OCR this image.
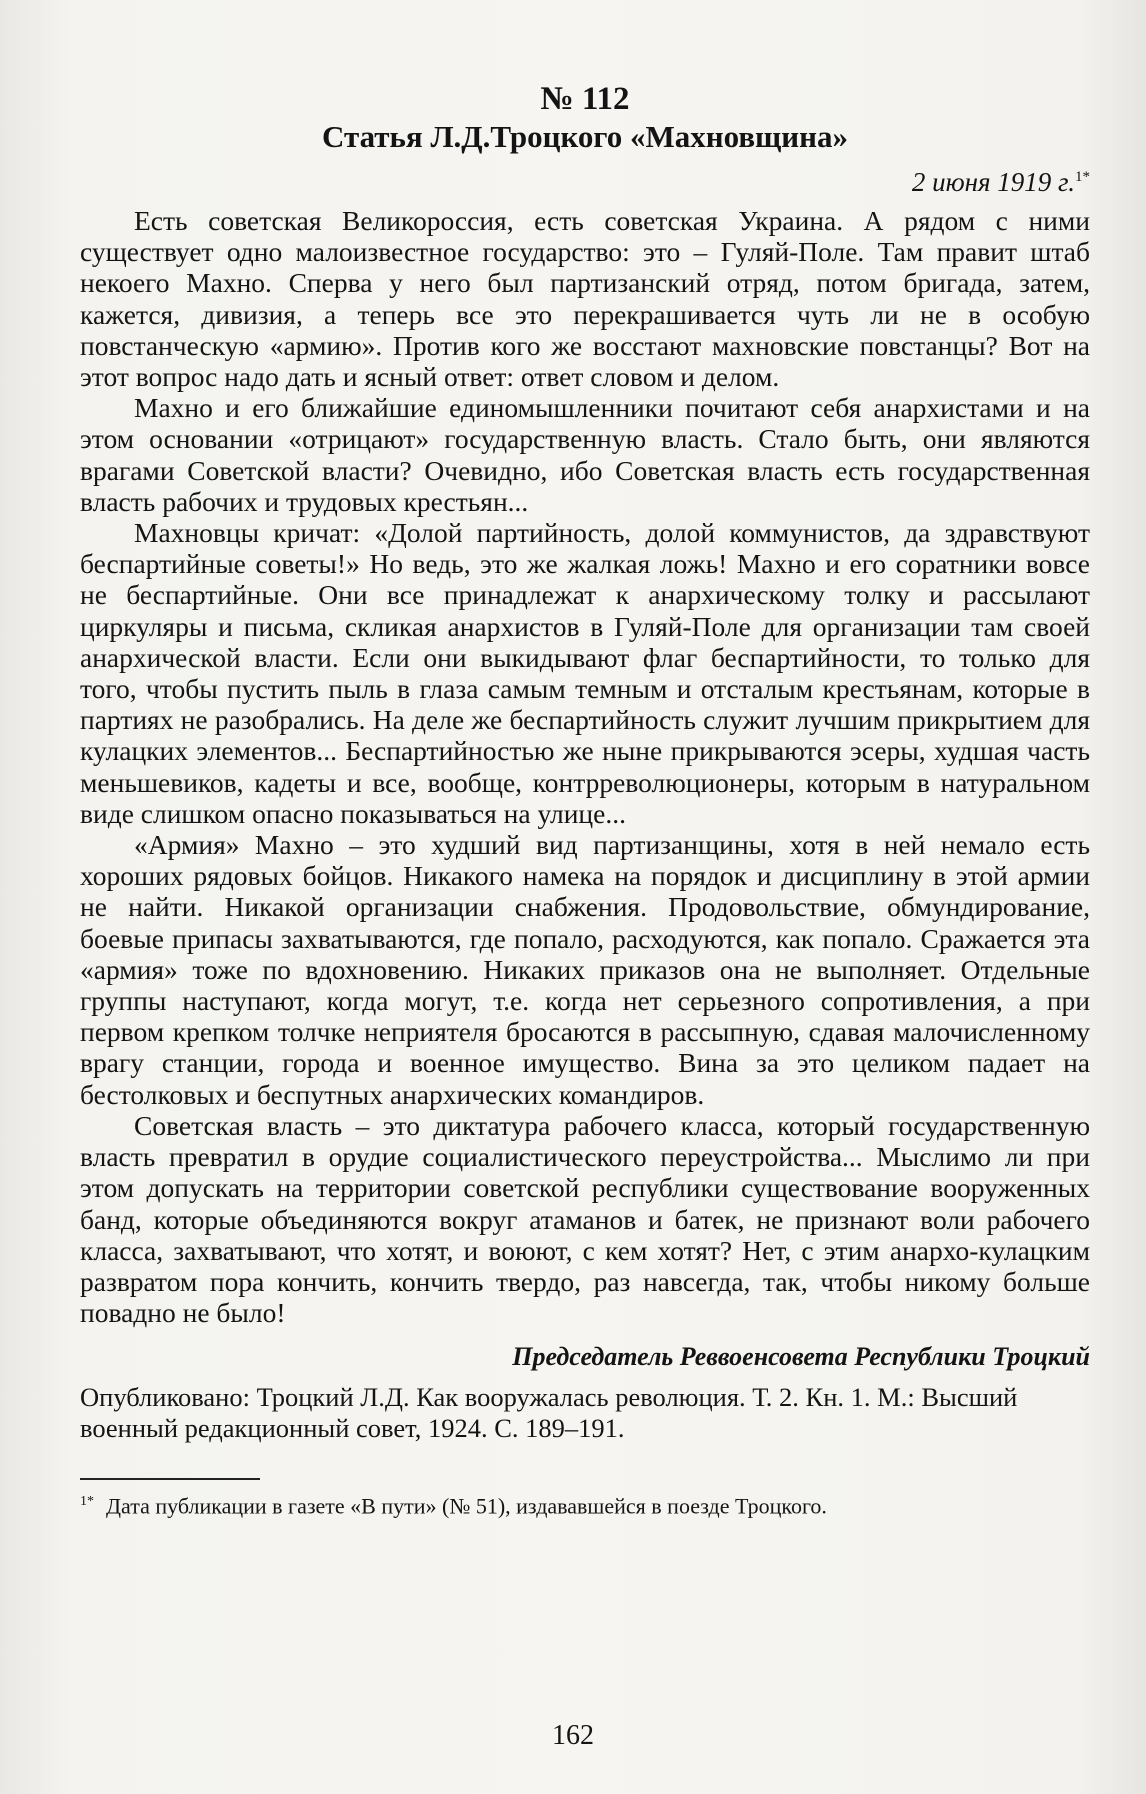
№ 112
Статья Л.Д.Троцкого «Махновщина»
2 июня 1919 г.$^{1*}$

Есть советская Великороссия, есть советская Украина. А рядом с ними существует одно малоизвестное государство: это – Гуляй-Поле. Там правит штаб некоего Махно. Сперва у него был партизанский отряд, потом бригада, затем, кажется, дивизия, а теперь все это перекрашивается чуть ли не в особую повстанческую «армию». Против кого же восстают махновские повстанцы? Вот на этот вопрос надо дать и ясный ответ: ответ словом и делом.

Махно и его ближайшие единомышленники почитают себя анархистами и на этом основании «отрицают» государственную власть. Стало быть, они являются врагами Советской власти? Очевидно, ибо Советская власть есть государственная власть рабочих и трудовых крестьян...

Махновцы кричат: «Долой партийность, долой коммунистов, да здравствуют беспартийные советы!» Но ведь, это же жалкая ложь! Махно и его соратники вовсе не беспартийные. Они все принадлежат к анархическому толку и рассылают циркуляры и письма, скликая анархистов в Гуляй-Поле для организации там своей анархической власти. Если они выкидывают флаг беспартийности, то только для того, чтобы пустить пыль в глаза самым темным и отсталым крестьянам, которые в партиях не разобрались. На деле же беспартийность служит лучшим прикрытием для кулацких элементов... Беспартийностью же ныне прикрываются эсеры, худшая часть меньшевиков, кадеты и все, вообще, контрреволюционеры, которым в натуральном виде слишком опасно показываться на улице...

«Армия» Махно – это худший вид партизанщины, хотя в ней немало есть хороших рядовых бойцов. Никакого намека на порядок и дисциплину в этой армии не найти. Никакой организации снабжения. Продовольствие, обмундирование, боевые припасы захватываются, где попало, расходуются, как попало. Сражается эта «армия» тоже по вдохновению. Никаких приказов она не выполняет. Отдельные группы наступают, когда могут, т.е. когда нет серьезного сопротивления, а при первом крепком толчке неприятеля бросаются в рассыпную, сдавая малочисленному врагу станции, города и военное имущество. Вина за это целиком падает на бестолковых и беспутных анархических командиров.

Советская власть – это диктатура рабочего класса, который государственную власть превратил в орудие социалистического переустройства... Мыслимо ли при этом допускать на территории советской республики существование вооруженных банд, которые объединяются вокруг атаманов и батек, не признают воли рабочего класса, захватывают, что хотят, и воюют, с кем хотят? Нет, с этим анархо-кулацким развратом пора кончить, кончить твердо, раз навсегда, так, чтобы никому больше повадно не было!

Председатель Реввоенсовета Республики Троцкий

Опубликовано: Троцкий Л.Д. Как вооружалась революция. Т. 2. Кн. 1. М.: Высший военный редакционный совет, 1924. С. 189–191.

$^{1*}$ Дата публикации в газете «В пути» (№ 51), издававшейся в поезде Троцкого.

162
